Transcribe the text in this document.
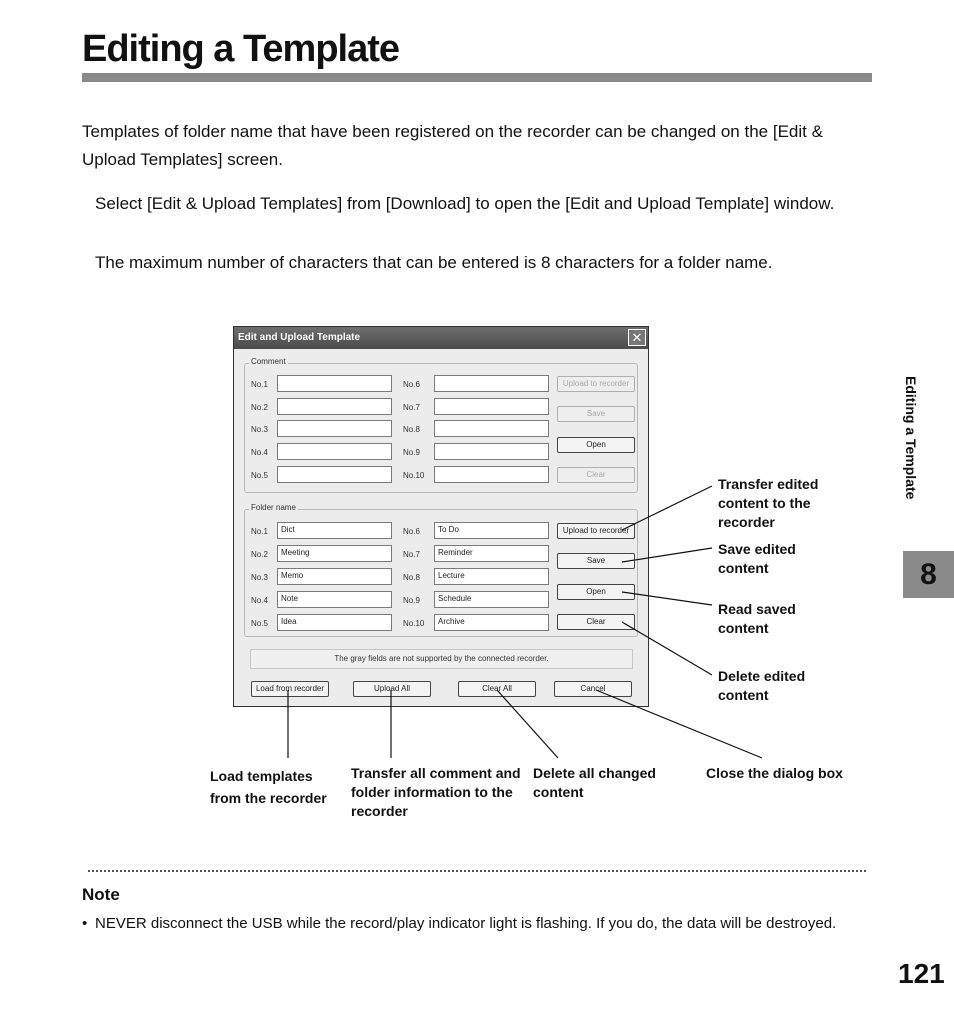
Editing a Template

Templates of folder name that have been registered on the recorder can be changed on the [Edit & Upload Templates] screen.

Select [Edit & Upload Templates] from [Download] to open the [Edit and Upload Template] window.

The maximum number of characters that can be entered is 8 characters for a folder name.

Editing a Template
8
Edit and Upload Template	✕
Comment
No.1
No.2
No.3
No.4
No.5
No.6
No.7
No.8
No.9
No.10
Upload to recorder
Save
Open
Clear
Folder name
No.1	Dict
No.2	Meeting
No.3	Memo
No.4	Note
No.5	Idea
No.6	To Do
No.7	Reminder
No.8	Lecture
No.9	Schedule
No.10	Archive
Upload to recorder
Save
Open
Clear
The gray fields are not supported by the connected recorder.
Load from recorder	Upload All	Clear All	Cancel
Transfer edited content to the recorder
Save edited content
Read saved content
Delete edited content
Load templates from the recorder
Transfer all comment and folder information to the recorder
Delete all changed content
Close the dialog box
Note
• NEVER disconnect the USB while the record/play indicator light is flashing. If you do, the data will be destroyed.
121
